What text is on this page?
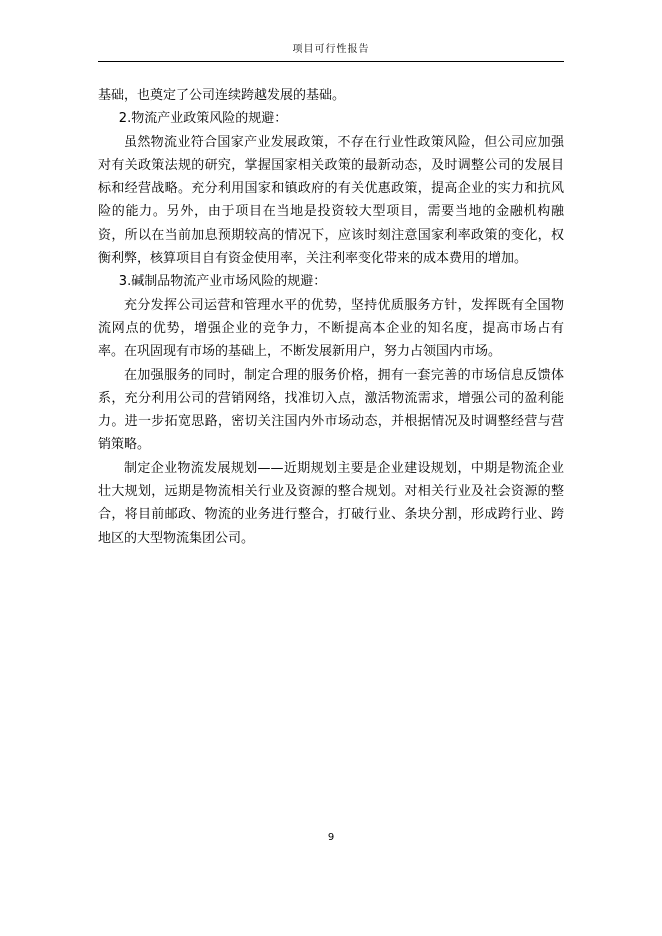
项目可行性报告

基础，也奠定了公司连续跨越发展的基础。

2.物流产业政策风险的规避：

虽然物流业符合国家产业发展政策，不存在行业性政策风险，但公司应加强对有关政策法规的研究，掌握国家相关政策的最新动态，及时调整公司的发展目标和经营战略。充分利用国家和镇政府的有关优惠政策，提高企业的实力和抗风险的能力。另外，由于项目在当地是投资较大型项目，需要当地的金融机构融资，所以在当前加息预期较高的情况下，应该时刻注意国家利率政策的变化，权衡利弊，核算项目自有资金使用率，关注利率变化带来的成本费用的增加。

3.碱制品物流产业市场风险的规避：

充分发挥公司运营和管理水平的优势，坚持优质服务方针，发挥既有全国物流网点的优势，增强企业的竞争力，不断提高本企业的知名度，提高市场占有率。在巩固现有市场的基础上，不断发展新用户，努力占领国内市场。

在加强服务的同时，制定合理的服务价格，拥有一套完善的市场信息反馈体系，充分利用公司的营销网络，找准切入点，激活物流需求，增强公司的盈利能力。进一步拓宽思路，密切关注国内外市场动态，并根据情况及时调整经营与营销策略。

制定企业物流发展规划——近期规划主要是企业建设规划，中期是物流企业壮大规划，远期是物流相关行业及资源的整合规划。对相关行业及社会资源的整合，将目前邮政、物流的业务进行整合，打破行业、条块分割，形成跨行业、跨地区的大型物流集团公司。

9
